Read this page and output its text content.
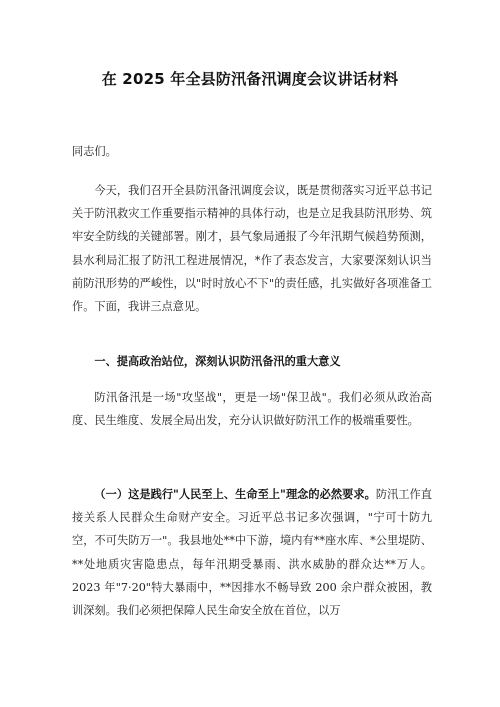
在 2025 年全县防汛备汛调度会议讲话材料
同志们。
今天，我们召开全县防汛备汛调度会议，既是贯彻落实习近平总书记关于防汛救灾工作重要指示精神的具体行动，也是立足我县防汛形势、筑牢安全防线的关键部署。刚才，县气象局通报了今年汛期气候趋势预测，县水利局汇报了防汛工程进展情况，*作了表态发言，大家要深刻认识当前防汛形势的严峻性，以"时时放心不下"的责任感，扎实做好各项准备工作。下面，我讲三点意见。
一、提高政治站位，深刻认识防汛备汛的重大意义
防汛备汛是一场"攻坚战"，更是一场"保卫战"。我们必须从政治高度、民生维度、发展全局出发，充分认识做好防汛工作的极端重要性。
（一）这是践行"人民至上、生命至上"理念的必然要求。防汛工作直接关系人民群众生命财产安全。习近平总书记多次强调，"宁可十防九空，不可失防万一"。我县地处**中下游，境内有**座水库、*公里堤防、**处地质灾害隐患点，每年汛期受暴雨、洪水威胁的群众达**万人。2023 年"7·20"特大暴雨中，**因排水不畅导致 200 余户群众被困，教训深刻。我们必须把保障人民生命安全放在首位，以万
